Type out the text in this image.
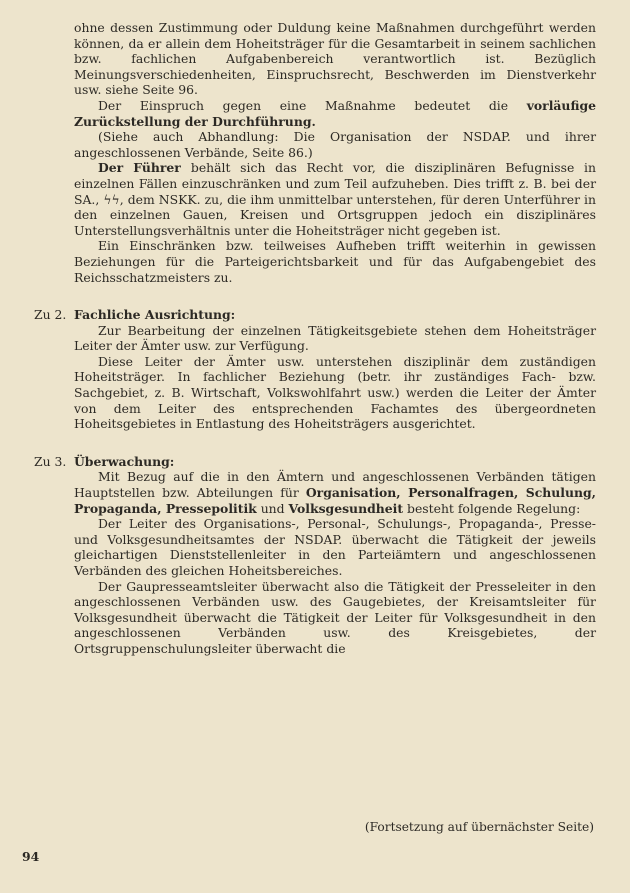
ohne dessen Zustimmung oder Duldung keine Maßnahmen durchgeführt werden können, da er allein dem Hoheitsträger für die Gesamtarbeit in seinem sachlichen bzw. fachlichen Aufgabenbereich verantwortlich ist. Bezüglich Meinungsverschiedenheiten, Einspruchsrecht, Beschwerden im Dienstverkehr usw. siehe Seite 96.

Der Einspruch gegen eine Maßnahme bedeutet die vorläufige Zurückstellung der Durchführung.

(Siehe auch Abhandlung: Die Organisation der NSDAP. und ihrer angeschlossenen Verbände, Seite 86.)

Der Führer behält sich das Recht vor, die disziplinären Befugnisse in einzelnen Fällen einzuschränken und zum Teil aufzuheben. Dies trifft z. B. bei der SA., ϟϟ, dem NSKK. zu, die ihm unmittelbar unterstehen, für deren Unterführer in den einzelnen Gauen, Kreisen und Ortsgruppen jedoch ein disziplinäres Unterstellungsverhältnis unter die Hoheitsträger nicht gegeben ist.

Ein Einschränken bzw. teilweises Aufheben trifft weiterhin in gewissen Beziehungen für die Parteigerichtsbarkeit und für das Aufgabengebiet des Reichsschatzmeisters zu.

Zu 2. Fachliche Ausrichtung:

Zur Bearbeitung der einzelnen Tätigkeitsgebiete stehen dem Hoheitsträger Leiter der Ämter usw. zur Verfügung.

Diese Leiter der Ämter usw. unterstehen disziplinär dem zuständigen Hoheitsträger. In fachlicher Beziehung (betr. ihr zuständiges Fach- bzw. Sachgebiet, z. B. Wirtschaft, Volkswohlfahrt usw.) werden die Leiter der Ämter von dem Leiter des entsprechenden Fachamtes des übergeordneten Hoheitsgebietes in Entlastung des Hoheitsträgers ausgerichtet.

Zu 3. Überwachung:

Mit Bezug auf die in den Ämtern und angeschlossenen Verbänden tätigen Hauptstellen bzw. Abteilungen für Organisation, Personalfragen, Schulung, Propaganda, Pressepolitik und Volksgesundheit besteht folgende Regelung:

Der Leiter des Organisations-, Personal-, Schulungs-, Propaganda-, Presse- und Volksgesundheitsamtes der NSDAP. überwacht die Tätigkeit der jeweils gleichartigen Dienststellenleiter in den Parteiämtern und angeschlossenen Verbänden des gleichen Hoheitsbereiches.

Der Gaupresseamtsleiter überwacht also die Tätigkeit der Presseleiter in den angeschlossenen Verbänden usw. des Gaugebietes, der Kreisamtsleiter für Volksgesundheit überwacht die Tätigkeit der Leiter für Volksgesundheit in den angeschlossenen Verbänden usw. des Kreisgebietes, der Ortsgruppenschulungsleiter überwacht die

(Fortsetzung auf übernächster Seite)
94
